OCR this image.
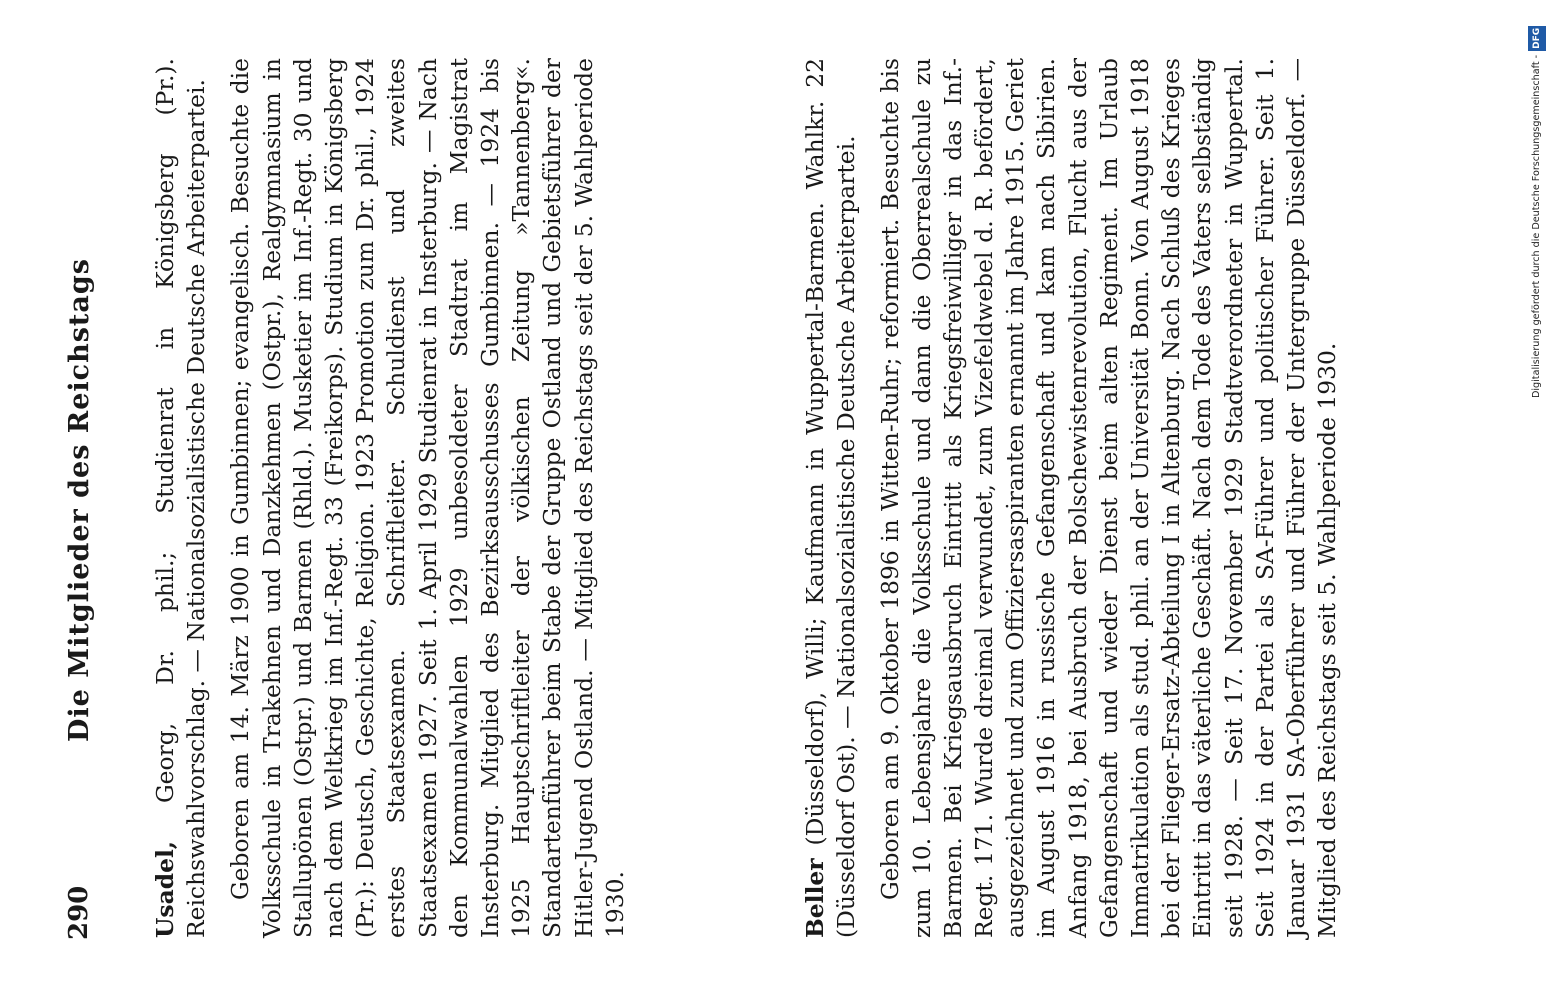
290
Die Mitglieder des Reichstags

Usadel, Georg, Dr. phil.; Studienrat in Königsberg (Pr.). Reichswahlvorschlag. — Nationalsozialistische Deutsche Arbeiterpartei. Geboren am 14. März 1900 in Gumbinnen; evangelisch. Besuchte die Volksschule in Trakehnen und Danzkehmen (Ostpr.), Realgymnasium in Stallupönen (Ostpr.) und Barmen (Rhld.). Musketier im Inf.-Regt. 30 und nach dem Weltkrieg im Inf.-Regt. 33 (Freikorps). Studium in Königsberg (Pr.): Deutsch, Geschichte, Religion. 1923 Promotion zum Dr. phil., 1924 erstes Staatsexamen. Schriftleiter. Schuldienst und zweites Staatsexamen 1927. Seit 1. April 1929 Studienrat in Insterburg. — Nach den Kommunalwahlen 1929 unbesoldeter Stadtrat im Magistrat Insterburg. Mitglied des Bezirksausschusses Gumbinnen. — 1924 bis 1925 Hauptschriftleiter der völkischen Zeitung »Tannenberg«. Standartenführer beim Stabe der Gruppe Ostland und Gebietsführer der Hitler-Jugend Ostland. — Mitglied des Reichstags seit der 5. Wahlperiode 1930.	Beller (Düsseldorf), Willi; Kaufmann in Wuppertal-Barmen. Wahlkr. 22 (Düsseldorf Ost). — Nationalsozialistische Deutsche Arbeiterpartei. Geboren am 9. Oktober 1896 in Witten-Ruhr; reformiert. Besuchte bis zum 10. Lebensjahre die Volksschule und dann die Oberrealschule zu Barmen. Bei Kriegsausbruch Eintritt als Kriegsfreiwilliger in das Inf.-Regt. 171. Wurde dreimal verwundet, zum Vizefeldwebel d. R. befördert, ausgezeichnet und zum Offiziersaspiranten ernannt im Jahre 1915. Geriet im August 1916 in russische Gefangenschaft und kam nach Sibirien. Anfang 1918, bei Ausbruch der Bolschewistenrevolution, Flucht aus der Gefangenschaft und wieder Dienst beim alten Regiment. Im Urlaub Immatrikulation als stud. phil. an der Universität Bonn. Von August 1918 bei der Flieger-Ersatz-Abteilung I in Altenburg. Nach Schluß des Krieges Eintritt in das väterliche Geschäft. Nach dem Tode des Vaters selbständig seit 1928. — Seit 17. November 1929 Stadtverordneter in Wuppertal. Seit 1924 in der Partei als SA-Führer und politischer Führer. Seit 1. Januar 1931 SA-Oberführer und Führer der Untergruppe Düsseldorf. — Mitglied des Reichstags seit 5. Wahlperiode 1930.

Digitalisierung gefördert durch die Deutsche Forschungsgemeinschaft -DFG
